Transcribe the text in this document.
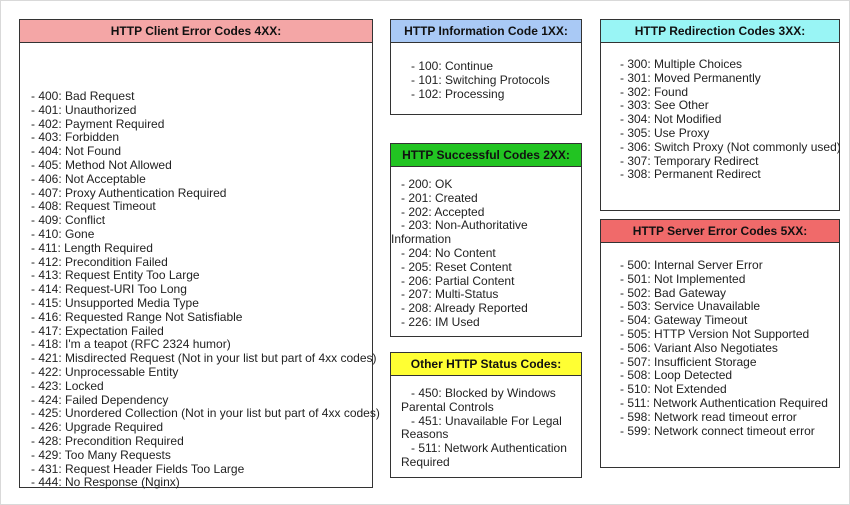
HTTP Client Error Codes 4XX:
- 400: Bad Request
- 401: Unauthorized
- 402: Payment Required
- 403: Forbidden
- 404: Not Found
- 405: Method Not Allowed
- 406: Not Acceptable
- 407: Proxy Authentication Required
- 408: Request Timeout
- 409: Conflict
- 410: Gone
- 411: Length Required
- 412: Precondition Failed
- 413: Request Entity Too Large
- 414: Request-URI Too Long
- 415: Unsupported Media Type
- 416: Requested Range Not Satisfiable
- 417: Expectation Failed
- 418: I'm a teapot (RFC 2324 humor)
- 421: Misdirected Request (Not in your list but part of 4xx codes)
- 422: Unprocessable Entity
- 423: Locked
- 424: Failed Dependency
- 425: Unordered Collection (Not in your list but part of 4xx codes)
- 426: Upgrade Required
- 428: Precondition Required
- 429: Too Many Requests
- 431: Request Header Fields Too Large
- 444: No Response (Nginx)
HTTP Information Code 1XX:
- 100: Continue
- 101: Switching Protocols
- 102: Processing
HTTP Successful Codes 2XX:
- 200: OK
- 201: Created
- 202: Accepted
- 203: Non-Authoritative Information
- 204: No Content
- 205: Reset Content
- 206: Partial Content
- 207: Multi-Status
- 208: Already Reported
- 226: IM Used
Other HTTP Status Codes:
- 450: Blocked by Windows Parental Controls
- 451: Unavailable For Legal Reasons
- 511: Network Authentication Required
HTTP Redirection Codes 3XX:
- 300: Multiple Choices
- 301: Moved Permanently
- 302: Found
- 303: See Other
- 304: Not Modified
- 305: Use Proxy
- 306: Switch Proxy (Not commonly used)
- 307: Temporary Redirect
- 308: Permanent Redirect
HTTP Server Error Codes 5XX:
- 500: Internal Server Error
- 501: Not Implemented
- 502: Bad Gateway
- 503: Service Unavailable
- 504: Gateway Timeout
- 505: HTTP Version Not Supported
- 506: Variant Also Negotiates
- 507: Insufficient Storage
- 508: Loop Detected
- 510: Not Extended
- 511: Network Authentication Required
- 598: Network read timeout error
- 599: Network connect timeout error
